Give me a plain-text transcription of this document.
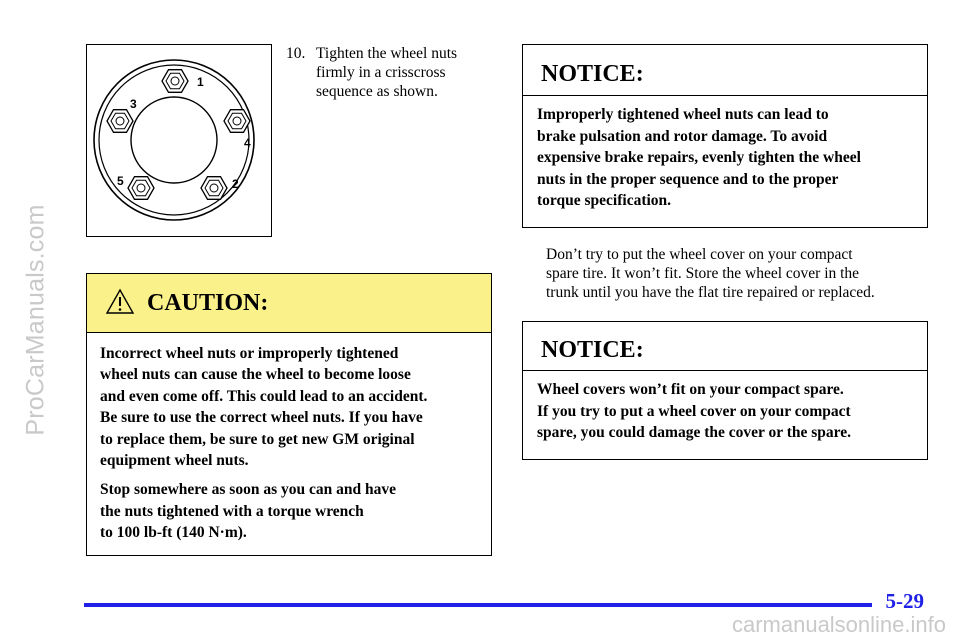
ProCarManuals.com
1
2
3
4
5
10. Tighten the wheel nuts
firmly in a crisscross
sequence as shown.
CAUTION:

Incorrect wheel nuts or improperly tightened
wheel nuts can cause the wheel to become loose
and even come off. This could lead to an accident.
Be sure to use the correct wheel nuts. If you have
to replace them, be sure to get new GM original
equipment wheel nuts.

Stop somewhere as soon as you can and have
the nuts tightened with a torque wrench
to 100 lb-ft (140 N·m).

NOTICE:
Improperly tightened wheel nuts can lead to
brake pulsation and rotor damage. To avoid
expensive brake repairs, evenly tighten the wheel
nuts in the proper sequence and to the proper
torque specification.
Don’t try to put the wheel cover on your compact
spare tire. It won’t fit. Store the wheel cover in the
trunk until you have the flat tire repaired or replaced.
NOTICE:
Wheel covers won’t fit on your compact spare.
If you try to put a wheel cover on your compact
spare, you could damage the cover or the spare.
5-29
carmanualsonline.info
